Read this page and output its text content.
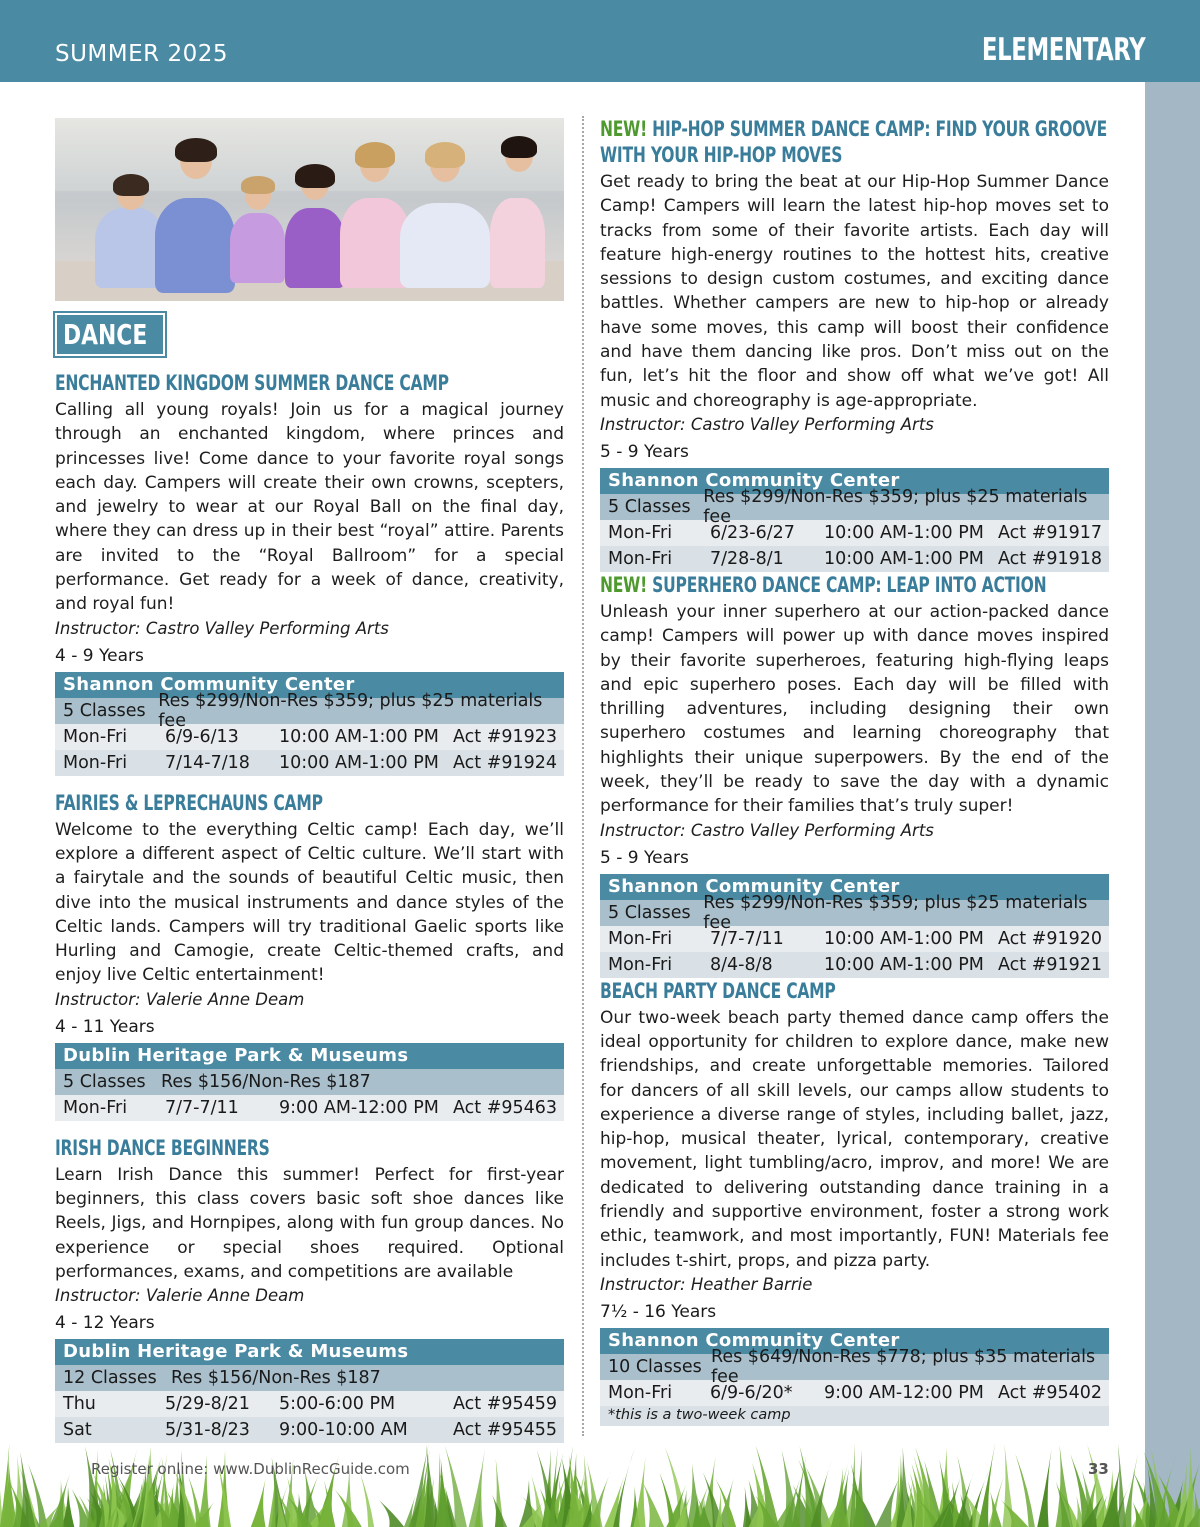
SUMMER 2025	ELEMENTARY
DANCE
ENCHANTED KINGDOM SUMMER DANCE CAMP
Calling all young royals! Join us for a magical journey through an enchanted kingdom, where princes and princesses live! Come dance to your favorite royal songs each day. Campers will create their own crowns, scepters, and jewelry to wear at our Royal Ball on the final day, where they can dress up in their best “royal” attire. Parents are invited to the “Royal Ballroom” for a special performance. Get ready for a week of dance, creativity, and royal fun!
Instructor: Castro Valley Performing Arts
4 - 9 Years
Shannon Community Center
5 Classes Res $299/Non-Res $359; plus $25 materials fee
Mon-Fri	6/9-6/13	10:00 AM-1:00 PM Act #91923
Mon-Fri	7/14-7/18	10:00 AM-1:00 PM Act #91924
FAIRIES & LEPRECHAUNS CAMP
Welcome to the everything Celtic camp! Each day, we’ll explore a different aspect of Celtic culture. We’ll start with a fairytale and the sounds of beautiful Celtic music, then dive into the musical instruments and dance styles of the Celtic lands. Campers will try traditional Gaelic sports like Hurling and Camogie, create Celtic-themed crafts, and enjoy live Celtic entertainment!
Instructor: Valerie Anne Deam
4 - 11 Years
Dublin Heritage Park & Museums
5 Classes Res $156/Non-Res $187
Mon-Fri	7/7-7/11	9:00 AM-12:00 PM Act #95463
IRISH DANCE BEGINNERS
Learn Irish Dance this summer! Perfect for first-year beginners, this class covers basic soft shoe dances like Reels, Jigs, and Hornpipes, along with fun group dances. No experience or special shoes required. Optional performances, exams, and competitions are available
Instructor: Valerie Anne Deam
4 - 12 Years
Dublin Heritage Park & Museums
12 Classes Res $156/Non-Res $187
Thu	5/29-8/21	5:00-6:00 PM	Act #95459
Sat	5/31-8/23	9:00-10:00 AM	Act #95455
NEW! HIP-HOP SUMMER DANCE CAMP: FIND YOUR GROOVE WITH YOUR HIP-HOP MOVES
Get ready to bring the beat at our Hip-Hop Summer Dance Camp! Campers will learn the latest hip-hop moves set to tracks from some of their favorite artists. Each day will feature high-energy routines to the hottest hits, creative sessions to design custom costumes, and exciting dance battles. Whether campers are new to hip-hop or already have some moves, this camp will boost their confidence and have them dancing like pros. Don’t miss out on the fun, let’s hit the floor and show off what we’ve got! All music and choreography is age-appropriate.
Instructor: Castro Valley Performing Arts
5 - 9 Years
Shannon Community Center
5 Classes Res $299/Non-Res $359; plus $25 materials fee
Mon-Fri	6/23-6/27	10:00 AM-1:00 PM Act #91917
Mon-Fri	7/28-8/1	10:00 AM-1:00 PM Act #91918
NEW! SUPERHERO DANCE CAMP: LEAP INTO ACTION
Unleash your inner superhero at our action-packed dance camp! Campers will power up with dance moves inspired by their favorite superheroes, featuring high-flying leaps and epic superhero poses. Each day will be filled with thrilling adventures, including designing their own superhero costumes and learning choreography that highlights their unique superpowers. By the end of the week, they’ll be ready to save the day with a dynamic performance for their families that’s truly super!
Instructor: Castro Valley Performing Arts
5 - 9 Years
Shannon Community Center
5 Classes Res $299/Non-Res $359; plus $25 materials fee
Mon-Fri	7/7-7/11	10:00 AM-1:00 PM Act #91920
Mon-Fri	8/4-8/8	10:00 AM-1:00 PM Act #91921
BEACH PARTY DANCE CAMP
Our two-week beach party themed dance camp offers the ideal opportunity for children to explore dance, make new friendships, and create unforgettable memories. Tailored for dancers of all skill levels, our camps allow students to experience a diverse range of styles, including ballet, jazz, hip-hop, musical theater, lyrical, contemporary, creative movement, light tumbling/acro, improv, and more! We are dedicated to delivering outstanding dance training in a friendly and supportive environment, foster a strong work ethic, teamwork, and most importantly, FUN! Materials fee includes t-shirt, props, and pizza party.
Instructor: Heather Barrie
7½ - 16 Years
Shannon Community Center
10 Classes Res $649/Non-Res $778; plus $35 materials fee
Mon-Fri	6/9-6/20*	9:00 AM-12:00 PM Act #95402
*this is a two-week camp
Register online: www.DublinRecGuide.com	33
